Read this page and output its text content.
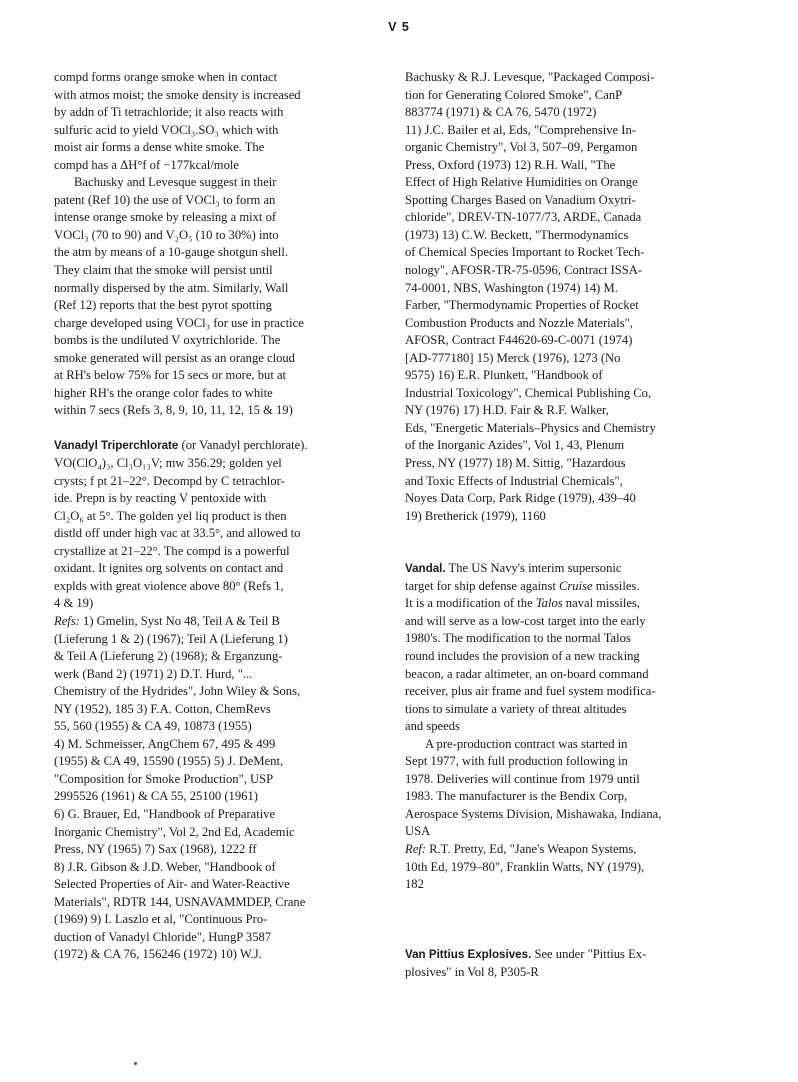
V 5
compd forms orange smoke when in contact
with atmos moist; the smoke density is increased
by addn of Ti tetrachloride; it also reacts with
sulfuric acid to yield VOCl₃.SO₃ which with
moist air forms a dense white smoke. The
compd has a ΔH°f of −177kcal/mole
Bachusky and Levesque suggest in their
patent (Ref 10) the use of VOCl₃ to form an
intense orange smoke by releasing a mixt of
VOCl₃ (70 to 90) and V₂O₅ (10 to 30%) into
the atm by means of a 10-gauge shotgun shell.
They claim that the smoke will persist until
normally dispersed by the atm. Similarly, Wall
(Ref 12) reports that the best pyrot spotting
charge developed using VOCl₃ for use in practice
bombs is the undiluted V oxytrichloride. The
smoke generated will persist as an orange cloud
at RH's below 75% for 15 secs or more, but at
higher RH's the orange color fades to white
within 7 secs (Refs 3, 8, 9, 10, 11, 12, 15 & 19)
Vanadyl Triperchlorate (or Vanadyl perchlorate).
VO(ClO₄)₃, Cl₃O₁₃V; mw 356.29; golden yel
crysts; f pt 21–22°. Decompd by C tetrachlor-
ide. Prepn is by reacting V pentoxide with
Cl₂O₆ at 5°. The golden yel liq product is then
distld off under high vac at 33.5°, and allowed to
crystallize at 21–22°. The compd is a powerful
oxidant. It ignites org solvents on contact and
explds with great violence above 80° (Refs 1,
4 & 19)
Refs: 1) Gmelin, Syst No 48, Teil A & Teil B
(Lieferung 1 & 2) (1967); Teil A (Lieferung 1)
& Teil A (Lieferung 2) (1968); & Erganzung-
werk (Band 2) (1971) 2) D.T. Hurd, "...
Chemistry of the Hydrides", John Wiley & Sons,
NY (1952), 185 3) F.A. Cotton, ChemRevs
55, 560 (1955) & CA 49, 10873 (1955)
4) M. Schmeisser, AngChem 67, 495 & 499
(1955) & CA 49, 15590 (1955) 5) J. DeMent,
"Composition for Smoke Production", USP
2995526 (1961) & CA 55, 25100 (1961)
6) G. Brauer, Ed, "Handbook of Preparative
Inorganic Chemistry", Vol 2, 2nd Ed, Academic
Press, NY (1965) 7) Sax (1968), 1222 ff
8) J.R. Gibson & J.D. Weber, "Handbook of
Selected Properties of Air- and Water-Reactive
Materials", RDTR 144, USNAVAMMDEP, Crane
(1969) 9) I. Laszlo et al, "Continuous Pro-
duction of Vanadyl Chloride", HungP 3587
(1972) & CA 76, 156246 (1972) 10) W.J.
Bachusky & R.J. Levesque, "Packaged Composi-
tion for Generating Colored Smoke", CanP
883774 (1971) & CA 76, 5470 (1972)
11) J.C. Bailer et al, Eds, "Comprehensive In-
organic Chemistry", Vol 3, 507–09, Pergamon
Press, Oxford (1973) 12) R.H. Wall, "The
Effect of High Relative Humidities on Orange
Spotting Charges Based on Vanadium Oxytri-
chloride", DREV-TN-1077/73, ARDE, Canada
(1973) 13) C.W. Beckett, "Thermodynamics
of Chemical Species Important to Rocket Tech-
nology", AFOSR-TR-75-0596, Contract ISSA-
74-0001, NBS, Washington (1974) 14) M.
Farber, "Thermodynamic Properties of Rocket
Combustion Products and Nozzle Materials",
AFOSR, Contract F44620-69-C-0071 (1974)
[AD-777180] 15) Merck (1976), 1273 (No
9575) 16) E.R. Plunkett, "Handbook of
Industrial Toxicology", Chemical Publishing Co,
NY (1976) 17) H.D. Fair & R.F. Walker,
Eds, "Energetic Materials–Physics and Chemistry
of the Inorganic Azides", Vol 1, 43, Plenum
Press, NY (1977) 18) M. Sittig, "Hazardous
and Toxic Effects of Industrial Chemicals",
Noyes Data Corp, Park Ridge (1979), 439–40
19) Bretherick (1979), 1160
Vandal. The US Navy's interim supersonic
target for ship defense against Cruise missiles.
It is a modification of the Talos naval missiles,
and will serve as a low-cost target into the early
1980's. The modification to the normal Talos
round includes the provision of a new tracking
beacon, a radar altimeter, an on-board command
receiver, plus air frame and fuel system modifica-
tions to simulate a variety of threat altitudes
and speeds
A pre-production contract was started in
Sept 1977, with full production following in
1978. Deliveries will continue from 1979 until
1983. The manufacturer is the Bendix Corp,
Aerospace Systems Division, Mishawaka, Indiana,
USA
Ref: R.T. Pretty, Ed, "Jane's Weapon Systems,
10th Ed, 1979–80", Franklin Watts, NY (1979),
182
Van Pittius Explosives. See under "Pittius Ex-
plosives" in Vol 8, P305-R
